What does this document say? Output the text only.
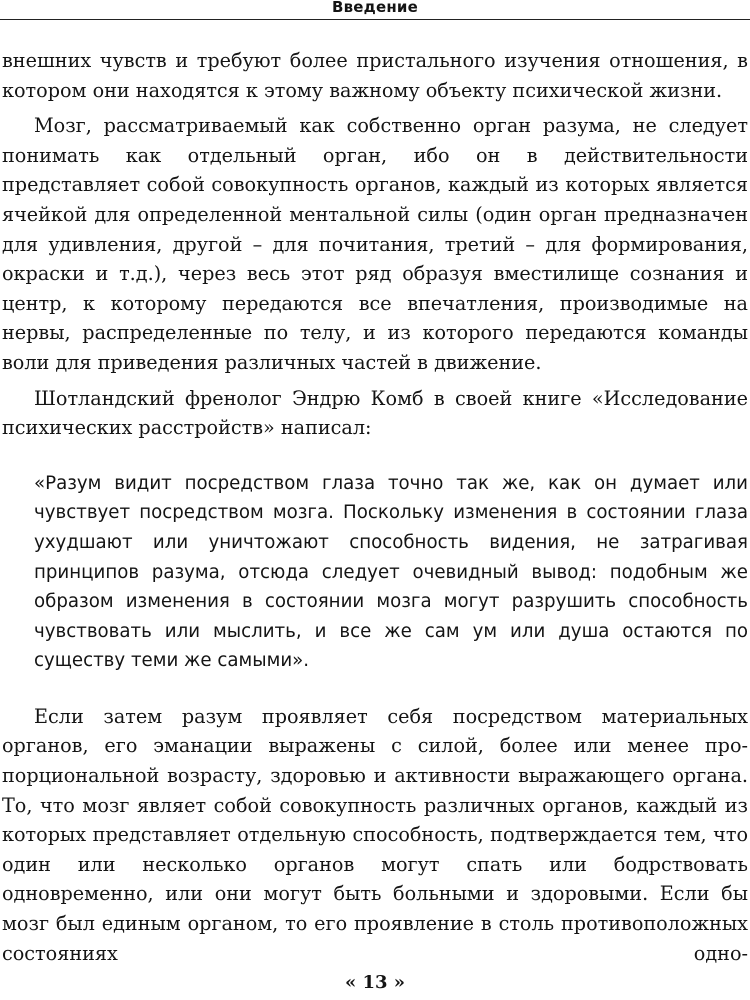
Введение

внешних чувств и требуют более пристального изучения отношения, в котором они находятся к этому важному объекту психической жизни.

Мозг, рассматриваемый как собственно орган разума, не следует понимать как отдельный орган, ибо он в действительности представляет собой совокупность органов, каждый из которых является ячейкой для определенной ментальной силы (один орган предназначен для удивления, другой – для почитания, третий – для формирования, окраски и т.д.), через весь этот ряд образуя вместилище сознания и центр, к которому передаются все впечатления, производимые на нервы, распределенные по телу, и из которого передаются команды воли для приведения различных частей в движение.

Шотландский френолог Эндрю Комб в своей книге «Исследование психических расстройств» написал:

«Разум видит посредством глаза точно так же, как он думает или чувствует посредством мозга. Поскольку изменения в состоянии глаза ухудшают или уничтожают способность видения, не затрагивая принципов разума, отсюда следует очевидный вывод: подобным же образом изменения в состоянии мозга могут разрушить способность чувствовать или мыслить, и все же сам ум или душа остаются по существу теми же самыми».

Если затем разум проявляет себя посредством материальных органов, его эманации выражены с силой, более или менее пропорциональной возрасту, здоровью и активности выражающего органа. То, что мозг являет собой совокупность различных органов, каждый из которых представляет отдельную способность, подтверждается тем, что один или несколько органов могут спать или бодрствовать одновременно, или они могут быть больными и здоровыми. Если бы мозг был единым органом, то его проявление в столь противоположных состояниях одно-

« 13 »
